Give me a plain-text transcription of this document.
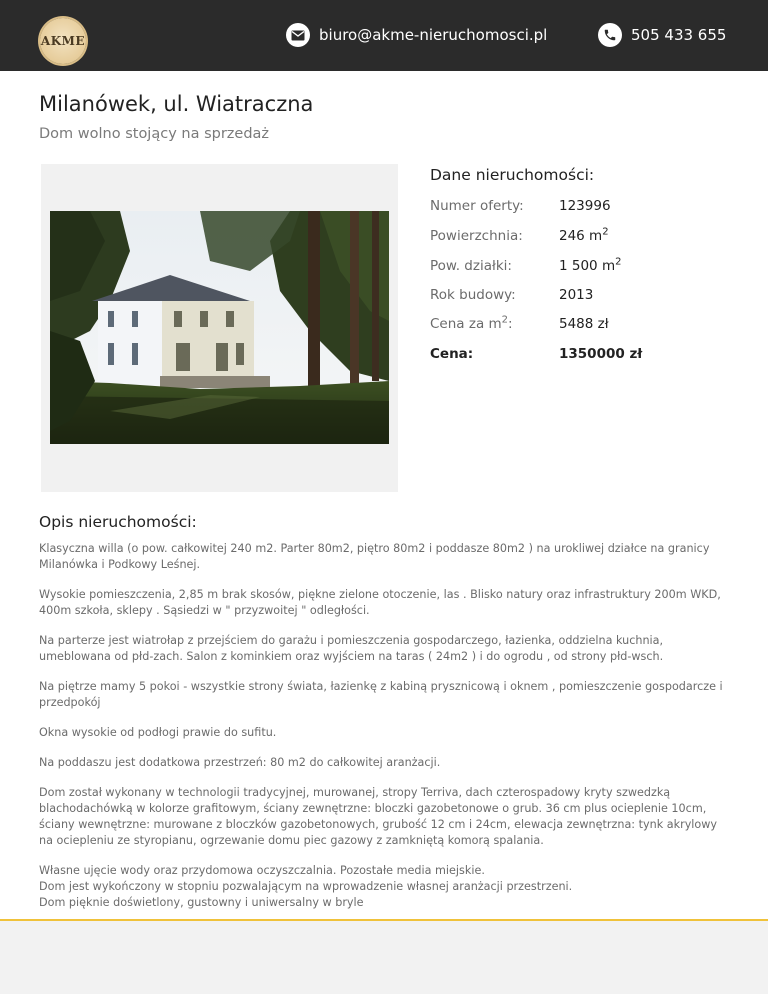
AKME	biuro@akme-nieruchomosci.pl	505 433 655
Milanówek, ul. Wiatraczna
Dom wolno stojący na sprzedaż
Dane nieruchomości:
Numer oferty:	123996
Powierzchnia:	246 $m^2$
Pow. działki:	1 500 $m^2$
Rok budowy:	2013
Cena za $m^2$:	5488 zł
Cena:	1350000 zł
Opis nieruchomości:

Klasyczna willa (o pow. całkowitej 240 m2. Parter 80m2, piętro 80m2 i poddasze 80m2 ) na urokliwej działce na granicy Milanówka i Podkowy Leśnej.

Wysokie pomieszczenia, 2,85 m brak skosów, piękne zielone otoczenie, las . Blisko natury oraz infrastruktury 200m WKD, 400m szkoła, sklepy . Sąsiedzi w " przyzwoitej " odległości.

Na parterze jest wiatrołap z przejściem do garażu i pomieszczenia gospodarczego, łazienka, oddzielna kuchnia, umeblowana od płd-zach. Salon z kominkiem oraz wyjściem na taras ( 24m2 ) i do ogrodu , od strony płd-wsch.

Na piętrze mamy 5 pokoi - wszystkie strony świata, łazienkę z kabiną prysznicową i oknem , pomieszczenie gospodarcze i przedpokój

Okna wysokie od podłogi prawie do sufitu.

Na poddaszu jest dodatkowa przestrzeń: 80 m2 do całkowitej aranżacji.

Dom został wykonany w technologii tradycyjnej, murowanej, stropy Terriva, dach czterospadowy kryty szwedzką blachodachówką w kolorze grafitowym, ściany zewnętrzne: bloczki gazobetonowe o grub. 36 cm plus ocieplenie 10cm, ściany wewnętrzne: murowane z bloczków gazobetonowych, grubość 12 cm i 24cm, elewacja zewnętrzna: tynk akrylowy na ociepleniu ze styropianu, ogrzewanie domu piec gazowy z zamkniętą komorą spalania.

Własne ujęcie wody oraz przydomowa oczyszczalnia. Pozostałe media miejskie.
Dom jest wykończony w stopniu pozwalającym na wprowadzenie własnej aranżacji przestrzeni.
Dom pięknie doświetlony, gustowny i uniwersalny w bryle
